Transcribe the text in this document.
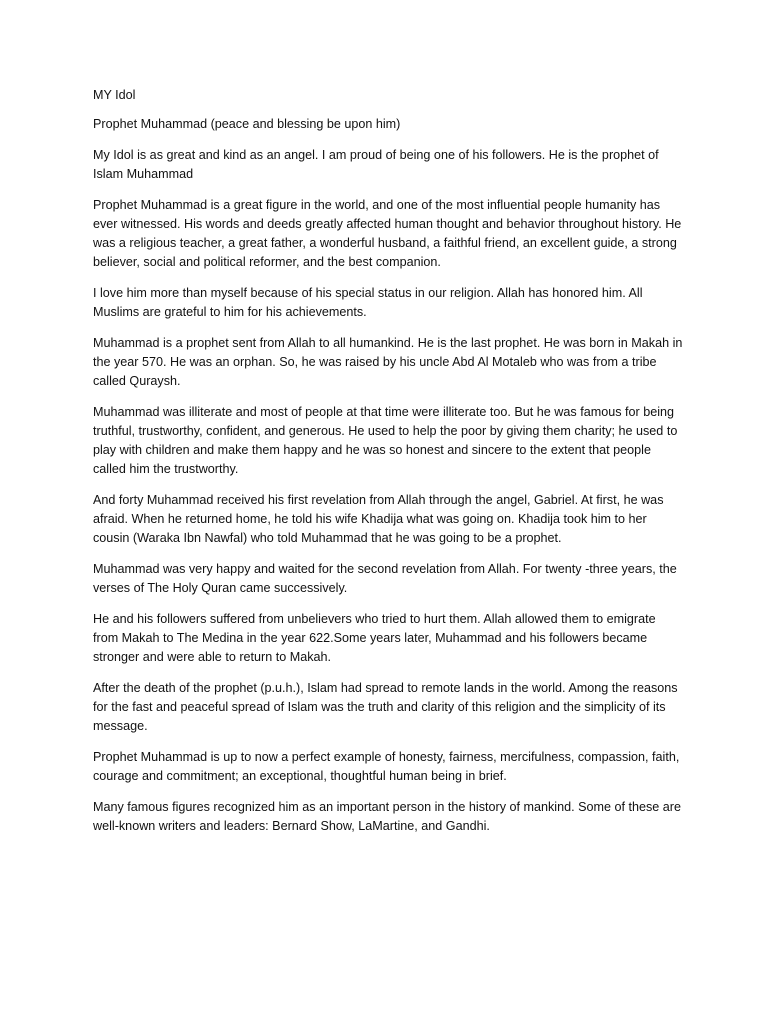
MY Idol

Prophet Muhammad (peace and blessing be upon him)

My Idol is as great and kind as an angel. I am proud of being one of his followers. He is the prophet of Islam Muhammad

Prophet Muhammad is a great figure in the world, and one of the most influential people humanity has ever witnessed. His words and deeds greatly affected human thought and behavior throughout history. He was a religious teacher, a great father, a wonderful husband, a faithful friend, an excellent guide, a strong believer, social and political reformer, and the best companion.

I love him more than myself because of his special status in our religion. Allah has honored him. All Muslims are grateful to him for his achievements.

Muhammad is a prophet sent from Allah to all humankind. He is the last prophet. He was born in Makah in the year 570. He was an orphan. So, he was raised by his uncle Abd Al Motaleb who was from a tribe called Quraysh.

Muhammad was illiterate and most of people at that time were illiterate too. But he was famous for being truthful, trustworthy, confident, and generous. He used to help the poor by giving them charity; he used to play with children and make them happy and he was so honest and sincere to the extent that people called him the trustworthy.

And forty Muhammad received his first revelation from Allah through the angel, Gabriel. At first, he was afraid. When he returned home, he told his wife Khadija what was going on. Khadija took him to her cousin (Waraka Ibn Nawfal) who told Muhammad that he was going to be a prophet.

Muhammad was very happy and waited for the second revelation from Allah. For twenty -three years, the verses of The Holy Quran came successively.

He and his followers suffered from unbelievers who tried to hurt them. Allah allowed them to emigrate from Makah to The Medina in the year 622.Some years later, Muhammad and his followers became stronger and were able to return to Makah.

After the death of the prophet (p.u.h.), Islam had spread to remote lands in the world. Among the reasons for the fast and peaceful spread of Islam was the truth and clarity of this religion and the simplicity of its message.

Prophet Muhammad is up to now a perfect example of honesty, fairness, mercifulness, compassion, faith, courage and commitment; an exceptional, thoughtful human being in brief.

Many famous figures recognized him as an important person in the history of mankind. Some of these are well-known writers and leaders: Bernard Show, LaMartine, and Gandhi.
